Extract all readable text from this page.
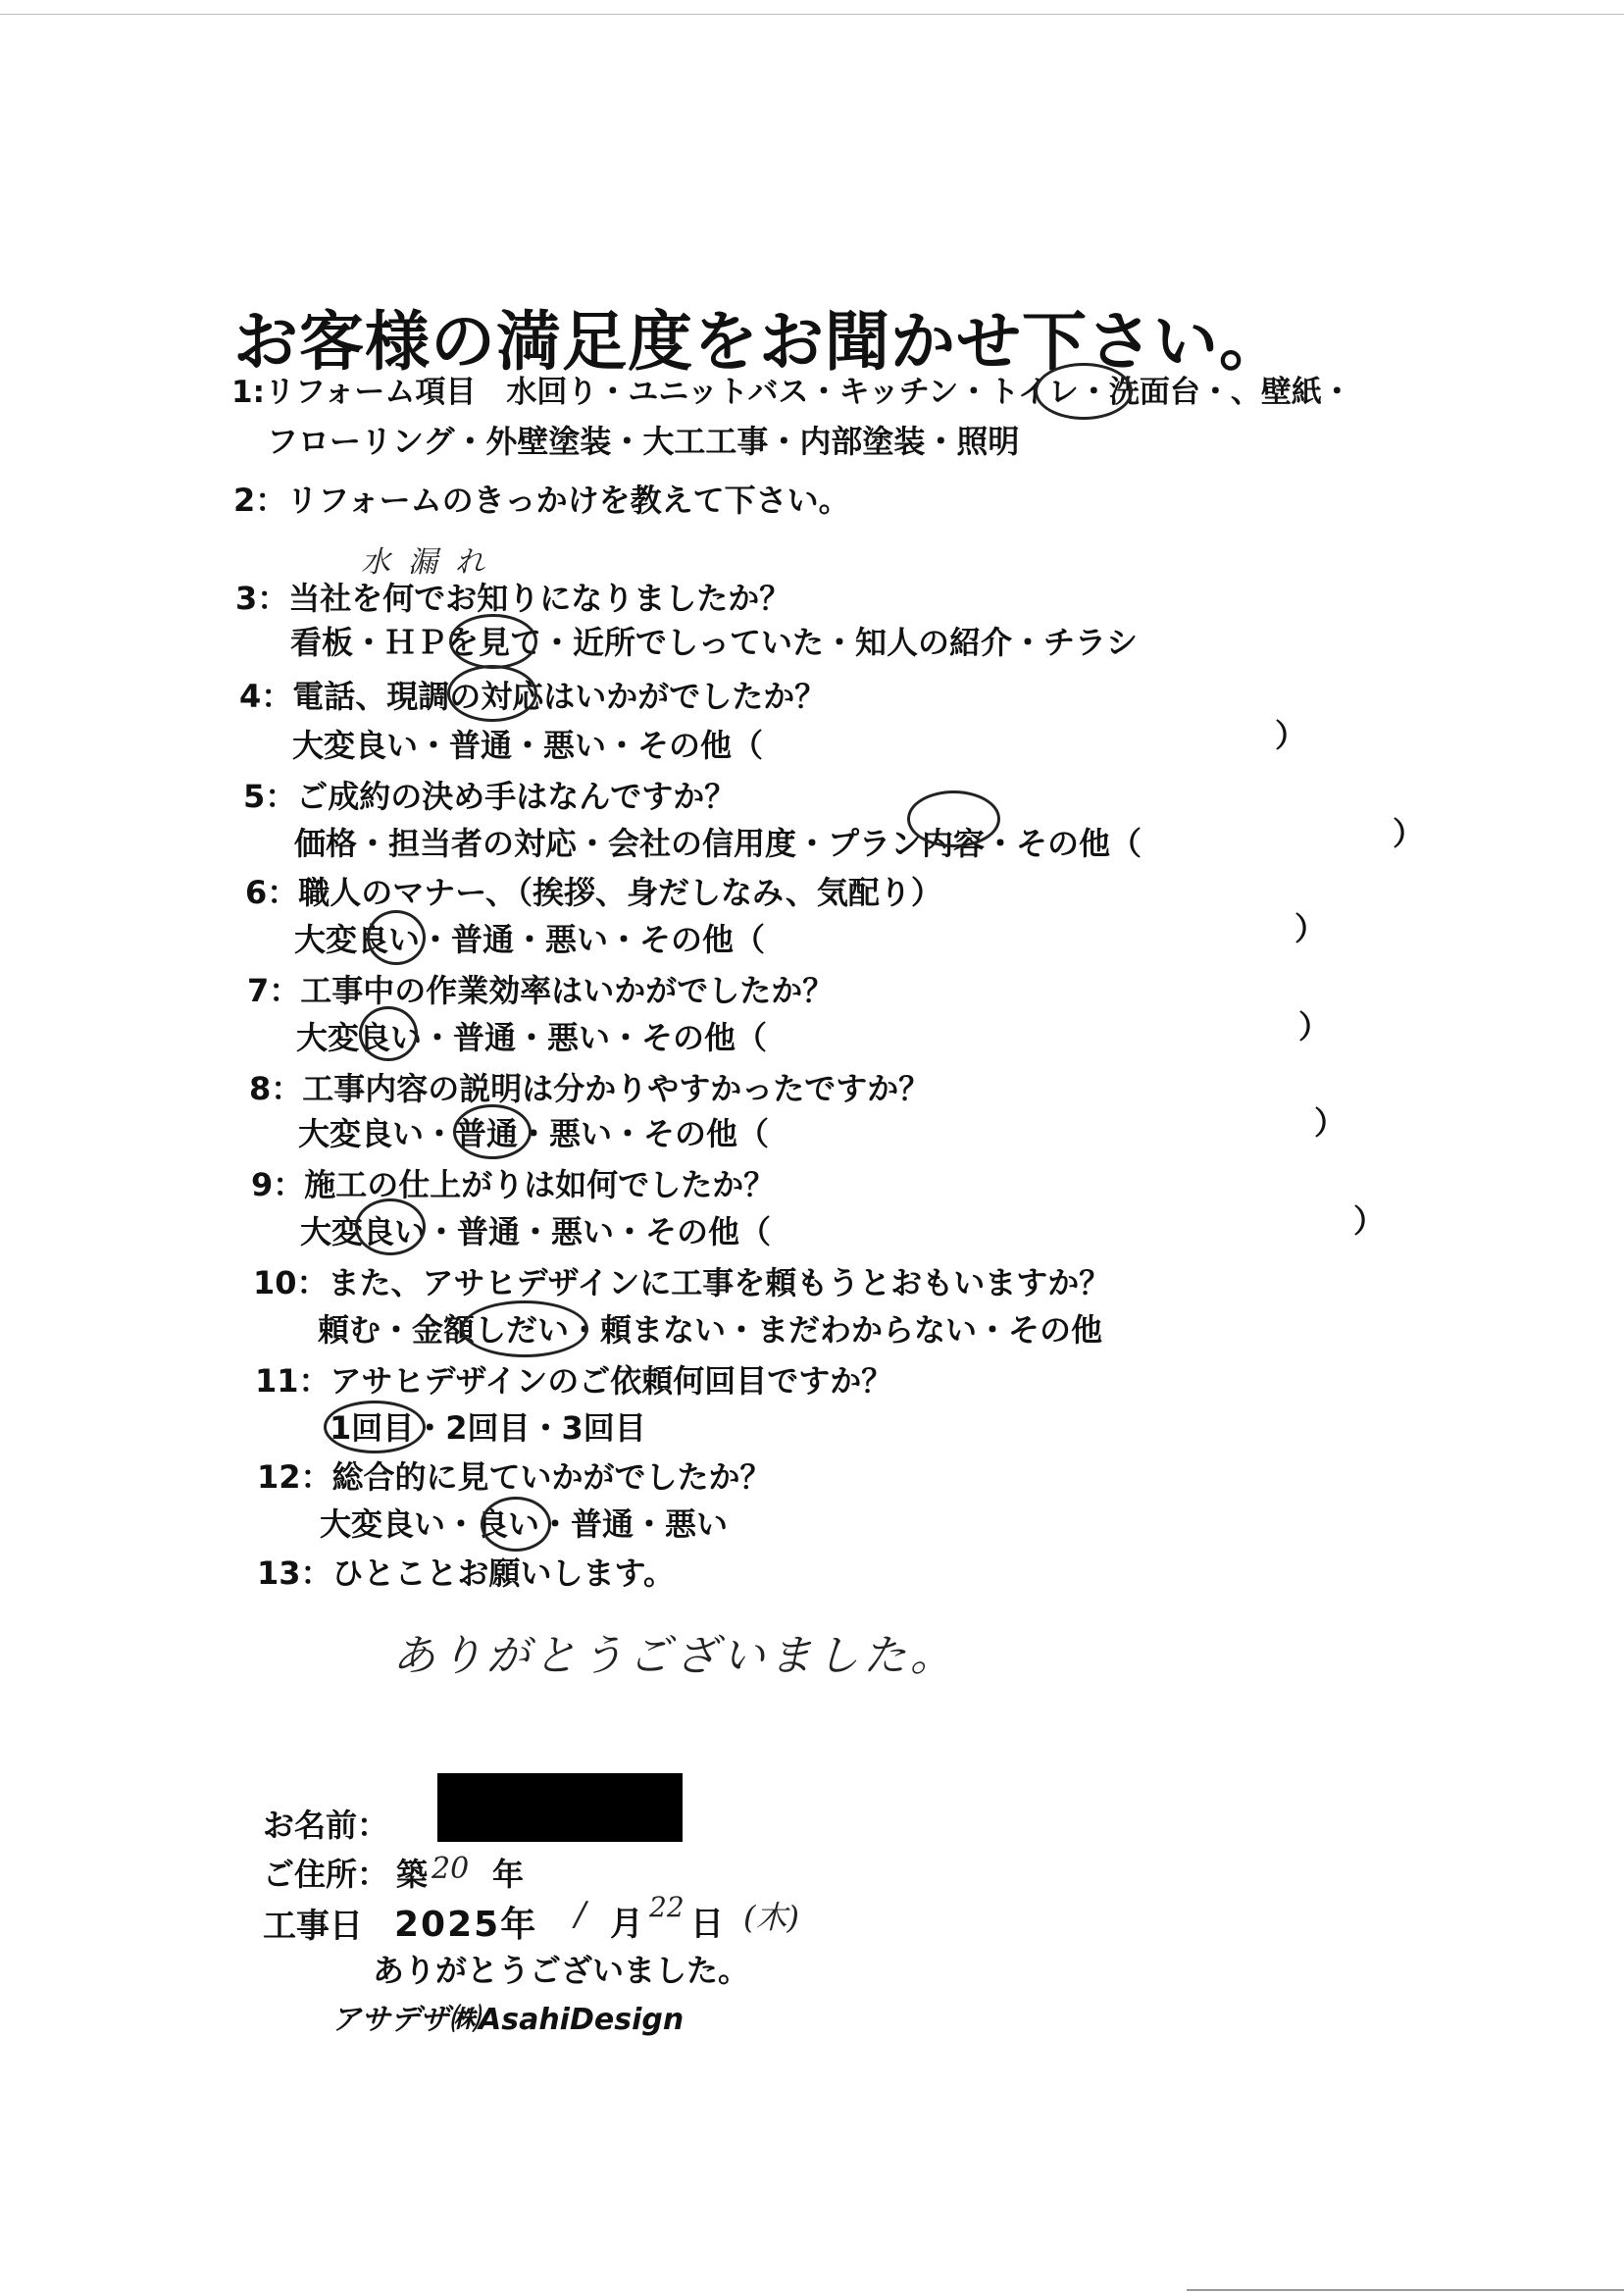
お客様の満足度をお聞かせ下さい。
1:リフォーム項目　水回り・ユニットバス・キッチン・トイレ・洗面台・、壁紙・
フローリング・外壁塗装・大工工事・内部塗装・照明
2：リフォームのきっかけを教えて下さい。
水漏れ
3：当社を何でお知りになりましたか？
看板・ＨＰを見て・近所でしっていた・知人の紹介・チラシ
4：電話、現調の対応はいかがでしたか？
大変良い・普通・悪い・その他（	）
5：ご成約の決め手はなんですか？
価格・担当者の対応・会社の信用度・プラン内容・その他（	）
6：職人のマナー、（挨拶、身だしなみ、気配り）
大変良い・普通・悪い・その他（	）
7：工事中の作業効率はいかがでしたか？
大変良い・普通・悪い・その他（	）
8：工事内容の説明は分かりやすかったですか？
大変良い・普通・悪い・その他（	）
9：施工の仕上がりは如何でしたか？
大変良い・普通・悪い・その他（	）
10：また、アサヒデザインに工事を頼もうとおもいますか？
頼む・金額しだい・頼まない・まだわからない・その他
11：アサヒデザインのご依頼何回目ですか？
1回目・2回目・3回目
12：総合的に見ていかがでしたか？
大変良い・良い・普通・悪い
13：ひとことお願いします。
ありがとうございました。
お名前：
ご住所： 築 20 年
工事日 2025年 / 月 22 日 (木)
ありがとうございました。
アサデザ㈱AsahiDesign
